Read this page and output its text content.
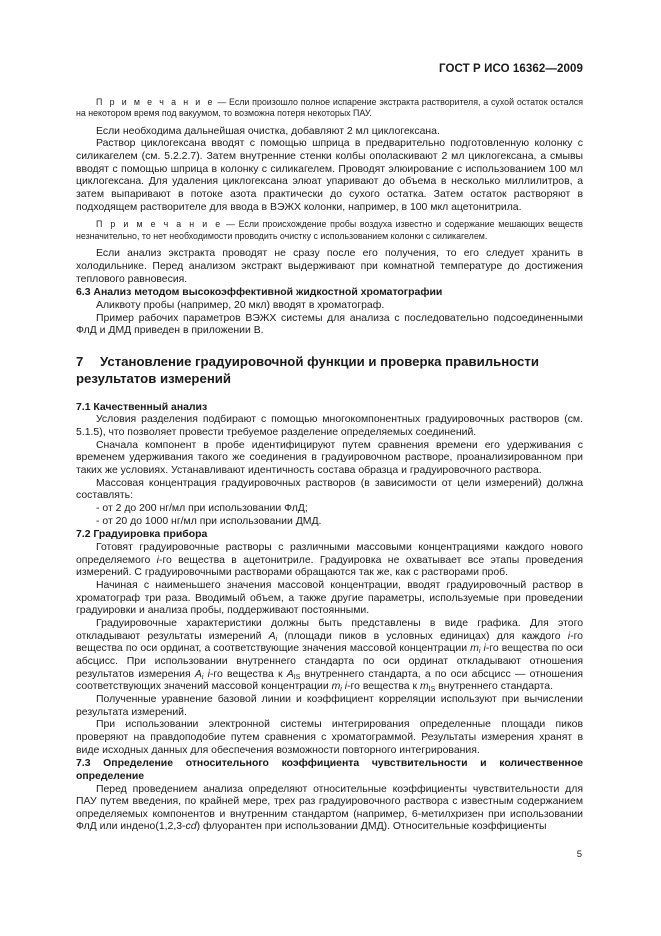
ГОСТ Р ИСО 16362—2009

П р и м е ч а н и е — Если произошло полное испарение экстракта растворителя, а сухой остаток остался на некотором время под вакуумом, то возможна потеря некоторых ПАУ.

Если необходима дальнейшая очистка, добавляют 2 мл циклогексана.

Раствор циклогексана вводят с помощью шприца в предварительно подготовленную колонку с силикагелем (см. 5.2.2.7). Затем внутренние стенки колбы ополаскивают 2 мл циклогексана, а смывы вводят с помощью шприца в колонку с силикагелем. Проводят элюирование с использованием 100 мл циклогексана. Для удаления циклогексана элюат упаривают до объема в несколько миллилитров, а затем выпаривают в потоке азота практически до сухого остатка. Затем остаток растворяют в подходящем растворителе для ввода в ВЭЖХ колонки, например, в 100 мкл ацетонитрила.

П р и м е ч а н и е — Если происхождение пробы воздуха известно и содержание мешающих веществ незначительно, то нет необходимости проводить очистку с использованием колонки с силикагелем.

Если анализ экстракта проводят не сразу после его получения, то его следует хранить в холодильнике. Перед анализом экстракт выдерживают при комнатной температуре до достижения теплового равновесия.

6.3 Анализ методом высокоэффективной жидкостной хроматографии

Аликвоту пробы (например, 20 мкл) вводят в хроматограф.

Пример рабочих параметров ВЭЖХ системы для анализа с последовательно подсоединенными ФлД и ДМД приведен в приложении В.

7 Установление градуировочной функции и проверка правильности
результатов измерений

7.1 Качественный анализ

Условия разделения подбирают с помощью многокомпонентных градуировочных растворов (см. 5.1.5), что позволяет провести требуемое разделение определяемых соединений.

Сначала компонент в пробе идентифицируют путем сравнения времени его удерживания с временем удерживания такого же соединения в градуировочном растворе, проанализированном при таких же условиях. Устанавливают идентичность состава образца и градуировочного раствора.

Массовая концентрация градуировочных растворов (в зависимости от цели измерений) должна составлять:

- от 2 до 200 нг/мл при использовании ФлД;

- от 20 до 1000 нг/мл при использовании ДМД.

7.2 Градуировка прибора

Готовят градуировочные растворы с различными массовыми концентрациями каждого нового определяемого i-го вещества в ацетонитриле. Градуировка не охватывает все этапы проведения измерений. С градуировочными растворами обращаются так же, как с растворами проб.

Начиная с наименьшего значения массовой концентрации, вводят градуировочный раствор в хроматограф три раза. Вводимый объем, а также другие параметры, используемые при проведении градуировки и анализа пробы, поддерживают постоянными.

Градуировочные характеристики должны быть представлены в виде графика. Для этого откладывают результаты измерений $A_i$ (площади пиков в условных единицах) для каждого i-го вещества по оси ординат, а соответствующие значения массовой концентрации $m_i$ i-го вещества по оси абсцисс. При использовании внутреннего стандарта по оси ординат откладывают отношения результатов измерения $A_i$ i-го вещества к $A_{IS}$ внутреннего стандарта, а по оси абсцисс — отношения соответствующих значений массовой концентрации $m_i$ i-го вещества к $m_{IS}$ внутреннего стандарта.

Полученные уравнение базовой линии и коэффициент корреляции используют при вычислении результата измерений.

При использовании электронной системы интегрирования определенные площади пиков проверяют на правдоподобие путем сравнения с хроматограммой. Результаты измерения хранят в виде исходных данных для обеспечения возможности повторного интегрирования.

7.3 Определение относительного коэффициента чувствительности и количественное определение

Перед проведением анализа определяют относительные коэффициенты чувствительности для ПАУ путем введения, по крайней мере, трех раз градуировочного раствора с известным содержанием определяемых компонентов и внутренним стандартом (например, 6-метилхризен при использовании ФлД или индено(1,2,3-cd) флуорантен при использовании ДМД). Относительные коэффициенты

5
